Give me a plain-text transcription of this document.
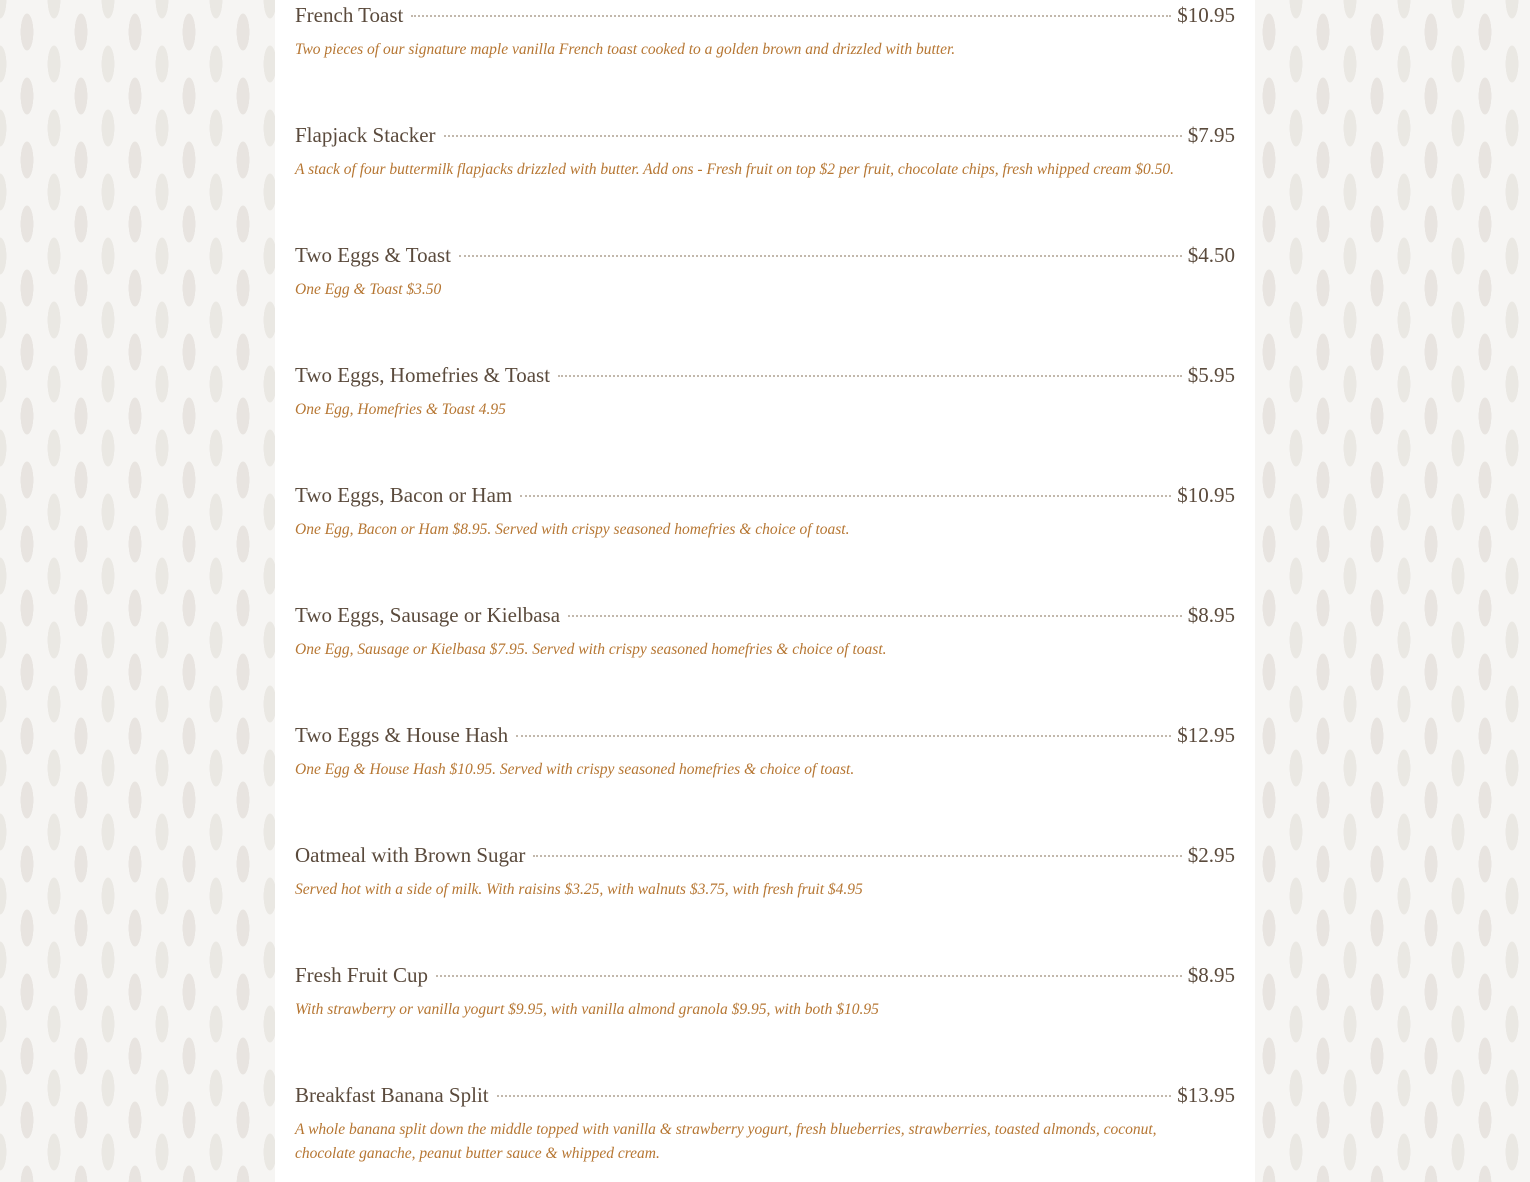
French Toast	$10.95
Two pieces of our signature maple vanilla French toast cooked to a golden brown and drizzled with butter.
Flapjack Stacker	$7.95
A stack of four buttermilk flapjacks drizzled with butter. Add ons - Fresh fruit on top $2 per fruit, chocolate chips, fresh whipped cream $0.50.
Two Eggs & Toast	$4.50
One Egg & Toast $3.50
Two Eggs, Homefries & Toast	$5.95
One Egg, Homefries & Toast 4.95
Two Eggs, Bacon or Ham	$10.95
One Egg, Bacon or Ham $8.95. Served with crispy seasoned homefries & choice of toast.
Two Eggs, Sausage or Kielbasa	$8.95
One Egg, Sausage or Kielbasa $7.95. Served with crispy seasoned homefries & choice of toast.
Two Eggs & House Hash	$12.95
One Egg & House Hash $10.95. Served with crispy seasoned homefries & choice of toast.
Oatmeal with Brown Sugar	$2.95
Served hot with a side of milk. With raisins $3.25, with walnuts $3.75, with fresh fruit $4.95
Fresh Fruit Cup	$8.95
With strawberry or vanilla yogurt $9.95, with vanilla almond granola $9.95, with both $10.95
Breakfast Banana Split	$13.95
A whole banana split down the middle topped with vanilla & strawberry yogurt, fresh blueberries, strawberries, toasted almonds, coconut, chocolate ganache, peanut butter sauce & whipped cream.
